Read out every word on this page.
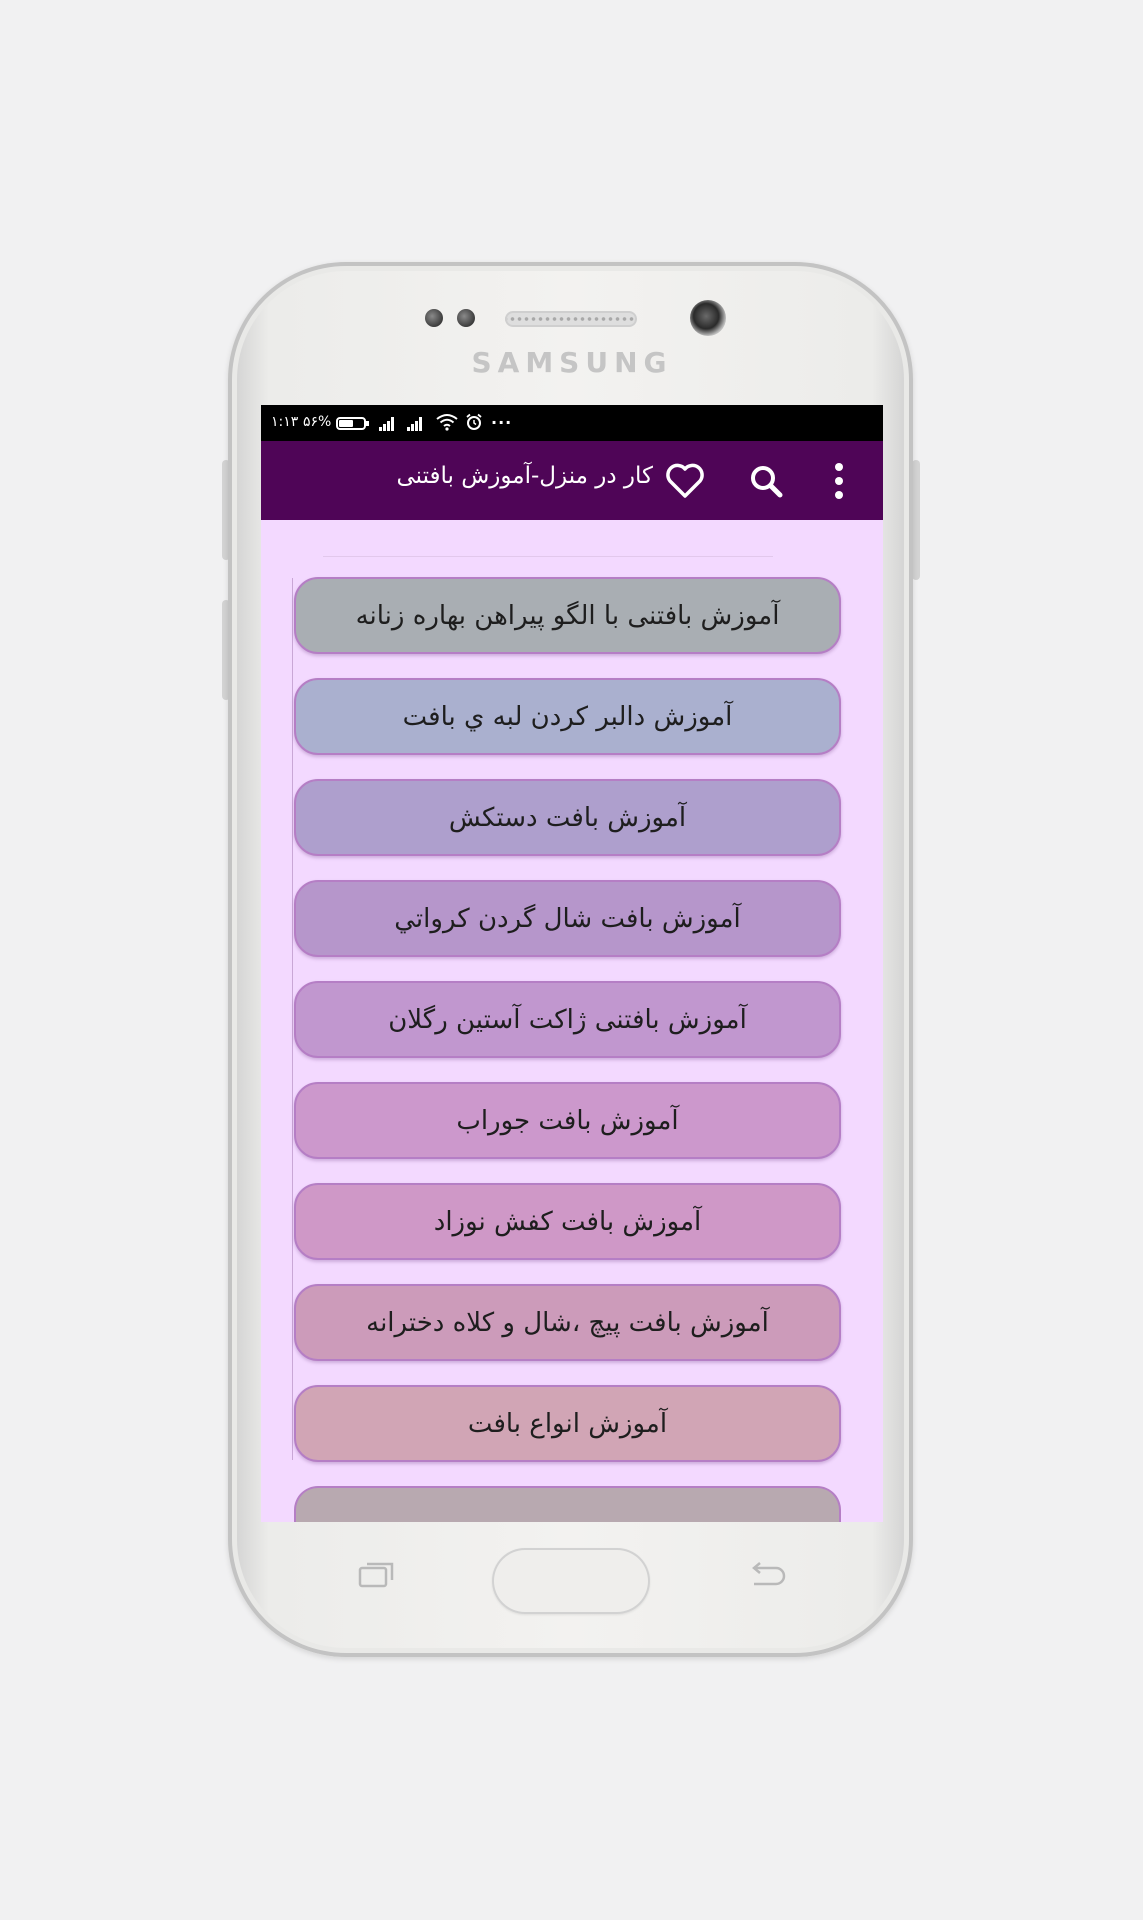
SAMSUNG
۱:۱۳ ۵۶%	...
کار در منزل-آموزش بافتنی
آموزش بافتنی با الگو پیراهن بهاره زنانه
آموزش دالبر کردن لبه ي بافت
آموزش بافت دستکش
آموزش بافت شال گردن کرواتي
آموزش بافتنی ژاکت آستين رگلان
آموزش بافت جوراب
آموزش بافت کفش نوزاد
آموزش بافت پيچ ،شال و کلاه دخترانه
آموزش انواع بافت
